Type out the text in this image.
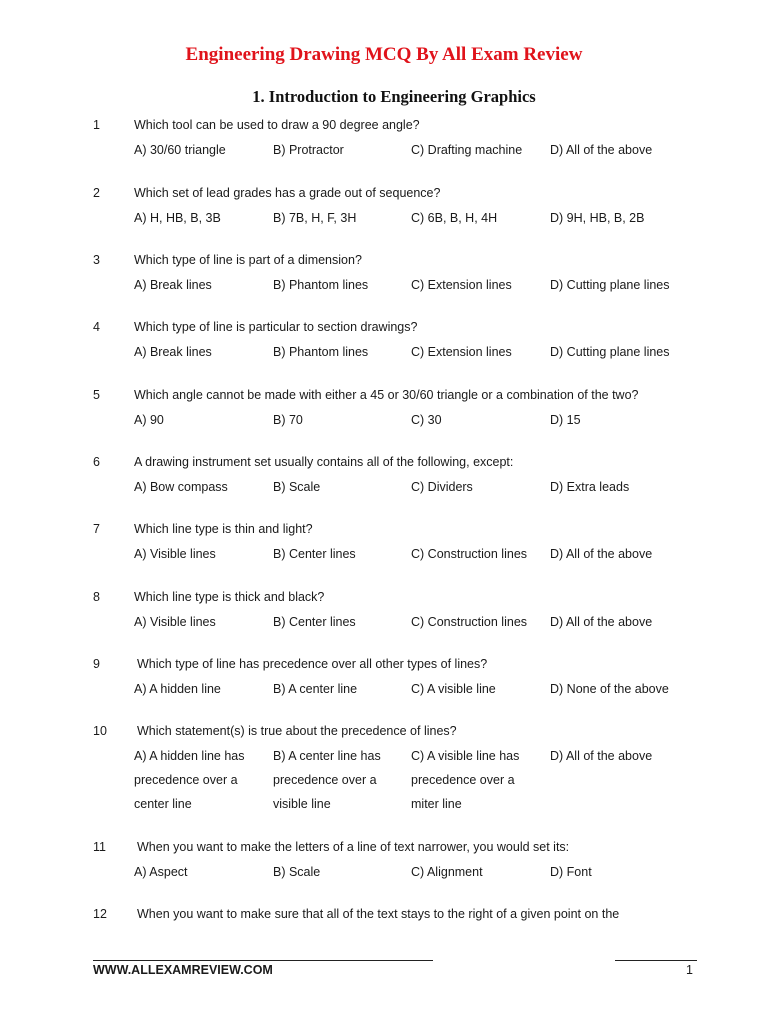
Engineering Drawing MCQ By All Exam Review
1. Introduction to Engineering Graphics
1	Which tool can be used to draw a 90 degree angle?
A) 30/60 triangle	B) Protractor	C) Drafting machine D) All of the above
2	Which set of lead grades has a grade out of sequence?
A) H, HB, B, 3B	B) 7B, H, F, 3H	C) 6B, B, H, 4H	D) 9H, HB, B, 2B
3	Which type of line is part of a dimension?
A) Break lines	B) Phantom lines	C) Extension lines	D) Cutting plane lines
4	Which type of line is particular to section drawings?
A) Break lines	B) Phantom lines	C) Extension lines	D) Cutting plane lines
5	Which angle cannot be made with either a 45 or 30/60 triangle or a combination of the two?
A) 90	B) 70	C) 30	D) 15
6	A drawing instrument set usually contains all of the following, except:
A) Bow compass	B) Scale	C) Dividers	D) Extra leads
7	Which line type is thin and light?
A) Visible lines	B) Center lines	C) Construction lines D) All of the above
8	Which line type is thick and black?
A) Visible lines	B) Center lines	C) Construction lines D) All of the above
9	Which type of line has precedence over all other types of lines?
A) A hidden line	B) A center line	C) A visible line	D) None of the above
10 Which statement(s) is true about the precedence of lines?
A) A hidden line has B) A center line has C) A visible line has D) All of the above
precedence over a	precedence over a	precedence over a
center line	visible line	miter line
11 When you want to make the letters of a line of text narrower, you would set its:
A) Aspect	B) Scale	C) Alignment	D) Font
12 When you want to make sure that all of the text stays to the right of a given point on the
WWW.ALLEXAMREVIEW.COM	1
